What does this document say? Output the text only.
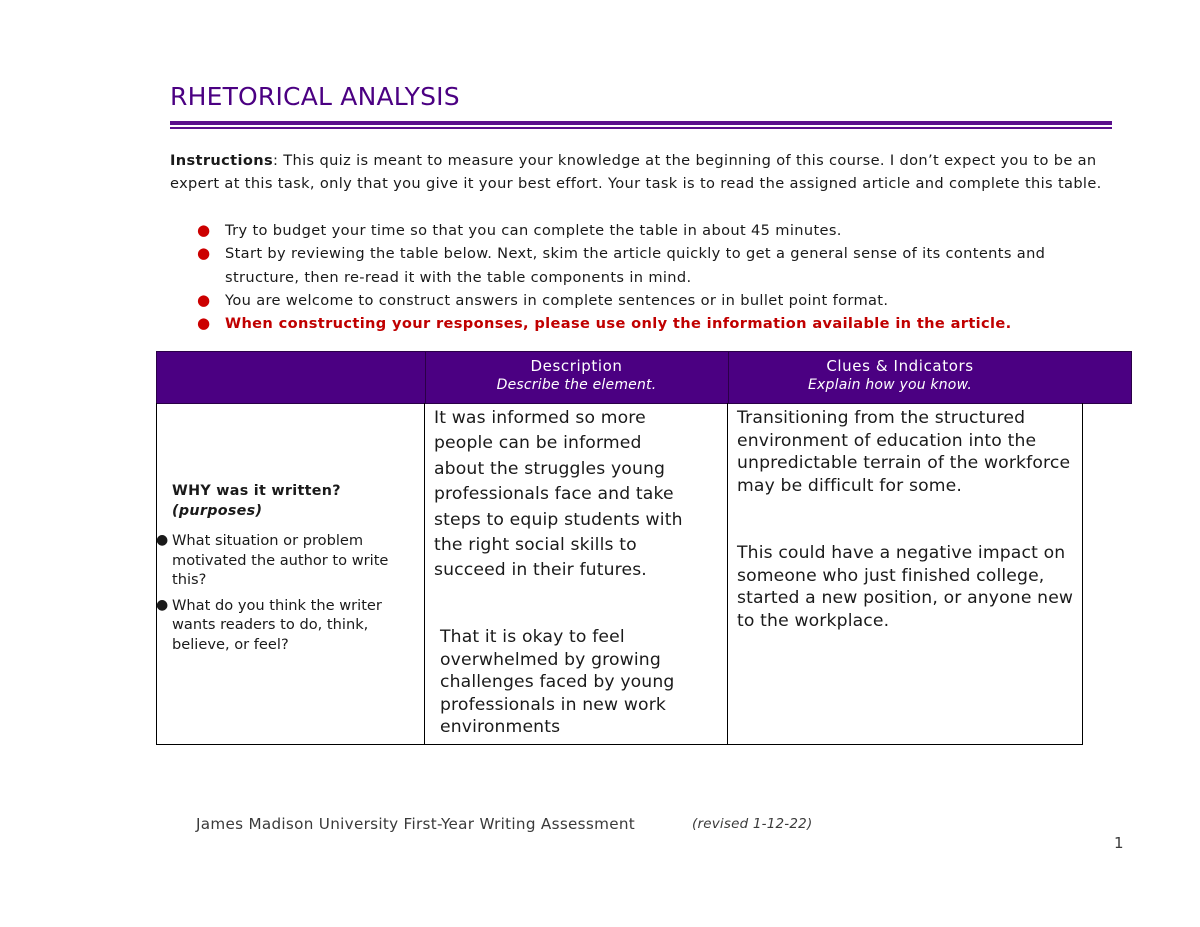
RHETORICAL ANALYSIS
Instructions: This quiz is meant to measure your knowledge at the beginning of this course. I don’t expect you to be an expert at this task, only that you give it your best effort. Your task is to read the assigned article and complete this table.
● Try to budget your time so that you can complete the table in about 45 minutes.
● Start by reviewing the table below. Next, skim the article quickly to get a general sense of its contents and structure, then re-read it with the table components in mind.
● You are welcome to construct answers in complete sentences or in bullet point format.
● When constructing your responses, please use only the information available in the article.
Description
Describe the element.
Clues & Indicators
Explain how you know.
WHY was it written?
(purposes)
● What situation or problem motivated the author to write this?
● What do you think the writer wants readers to do, think, believe, or feel?
It was informed so more people can be informed about the struggles young professionals face and take steps to equip students with the right social skills to succeed in their futures.
That it is okay to feel overwhelmed by growing challenges faced by young professionals in new work environments
Transitioning from the structured environment of education into the unpredictable terrain of the workforce may be difficult for some.
This could have a negative impact on someone who just finished college, started a new position, or anyone new to the workplace.
James Madison University First-Year Writing Assessment	(revised 1-12-22)
1
